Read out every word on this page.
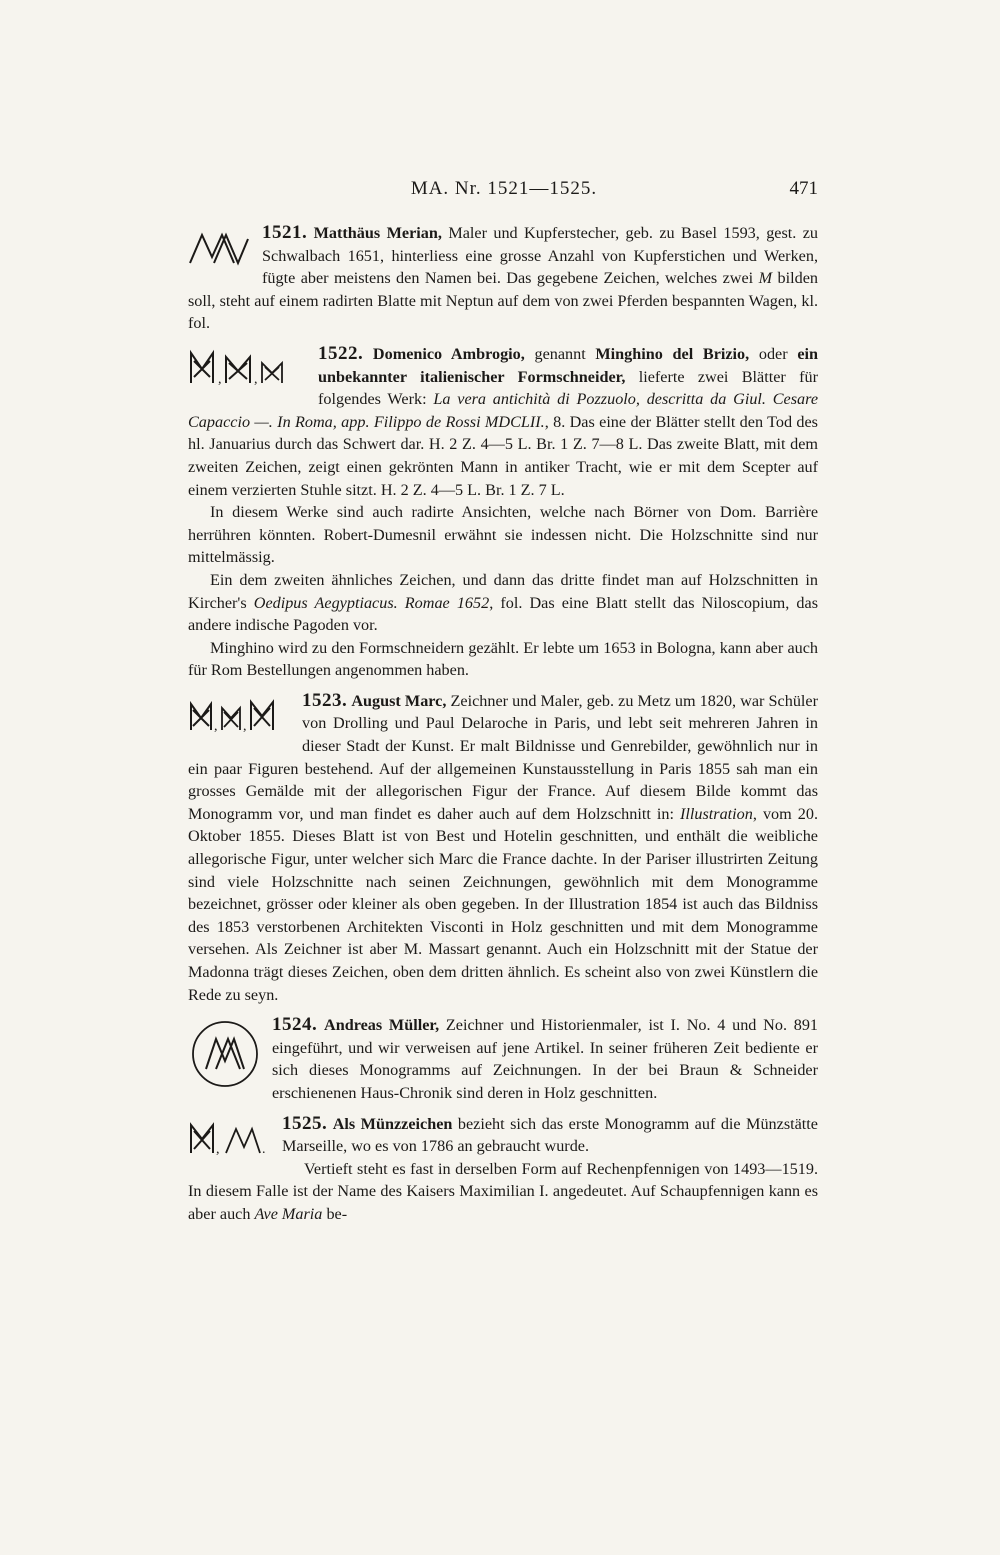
MA. Nr. 1521—1525.	471

1521. Matthäus Merian, Maler und Kupferstecher, geb. zu Basel 1593, gest. zu Schwalbach 1651, hinterliess eine grosse Anzahl von Kupferstichen und Werken, fügte aber meistens den Namen bei. Das gegebene Zeichen, welches zwei M bilden soll, steht auf einem radirten Blatte mit Neptun auf dem von zwei Pferden bespannten Wagen, kl. fol.

1522. Domenico Ambrogio, genannt Minghino del Brizio, oder
, ,
ein unbekannter italienischer Formschneider, lieferte zwei Blätter für folgendes Werk: La vera antichità di Pozzuolo, descritta da Giul. Cesare Capaccio —. In Roma, app. Filippo de Rossi MDCLII., 8. Das eine der Blätter stellt den Tod des hl. Januarius durch das Schwert dar. H. 2 Z. 4—5 L. Br. 1 Z. 7—8 L. Das zweite Blatt, mit dem zweiten Zeichen, zeigt einen gekrönten Mann in antiker Tracht, wie er mit dem Scepter auf einem verzierten Stuhle sitzt. H. 2 Z. 4—5 L. Br. 1 Z. 7 L.

In diesem Werke sind auch radirte Ansichten, welche nach Börner von Dom. Barrière herrühren könnten. Robert-Dumesnil erwähnt sie indessen nicht. Die Holzschnitte sind nur mittelmässig.

Ein dem zweiten ähnliches Zeichen, und dann das dritte findet man auf Holzschnitten in Kircher's Oedipus Aegyptiacus. Romae 1652, fol. Das eine Blatt stellt das Niloscopium, das andere indische Pagoden vor.

Minghino wird zu den Formschneidern gezählt. Er lebte um 1653 in Bologna, kann aber auch für Rom Bestellungen angenommen haben.

1523. August Marc,
, ,
Zeichner und Maler, geb. zu Metz um 1820, war Schüler von Drolling und Paul Delaroche in Paris, und lebt seit mehreren Jahren in dieser Stadt der Kunst. Er malt Bildnisse und Genrebilder, gewöhnlich nur in ein paar Figuren bestehend. Auf der allgemeinen Kunstausstellung in Paris 1855 sah man ein grosses Gemälde mit der allegorischen Figur der France. Auf diesem Bilde kommt das Monogramm vor, und man findet es daher auch auf dem Holzschnitt in: Illustration, vom 20. Oktober 1855. Dieses Blatt ist von Best und Hotelin geschnitten, und enthält die weibliche allegorische Figur, unter welcher sich Marc die France dachte. In der Pariser illustrirten Zeitung sind viele Holzschnitte nach seinen Zeichnungen, gewöhnlich mit dem Monogramme bezeichnet, grösser oder kleiner als oben gegeben. In der Illustration 1854 ist auch das Bildniss des 1853 verstorbenen Architekten Visconti in Holz geschnitten und mit dem Monogramme versehen. Als Zeichner ist aber M. Massart genannt. Auch ein Holzschnitt mit der Statue der Madonna trägt dieses Zeichen, oben dem dritten ähnlich. Es scheint also von zwei Künstlern die Rede zu seyn.

1524. Andreas Müller,
Zeichner und Historienmaler, ist I. No. 4 und No. 891 eingeführt, und wir verweisen auf jene Artikel. In seiner früheren Zeit bediente er sich dieses Monogramms auf Zeichnungen. In der bei Braun & Schneider erschienenen Haus-Chronik sind deren in Holz geschnitten.

1525. Als Münzzeichen
,	.
bezieht sich das erste Monogramm auf die Münzstätte Marseille, wo es von 1786 an gebraucht wurde.

Vertieft steht es fast in derselben Form auf Rechenpfennigen von 1493—1519. In diesem Falle ist der Name des Kaisers Maximilian I. angedeutet. Auf Schaupfennigen kann es aber auch Ave Maria be-
